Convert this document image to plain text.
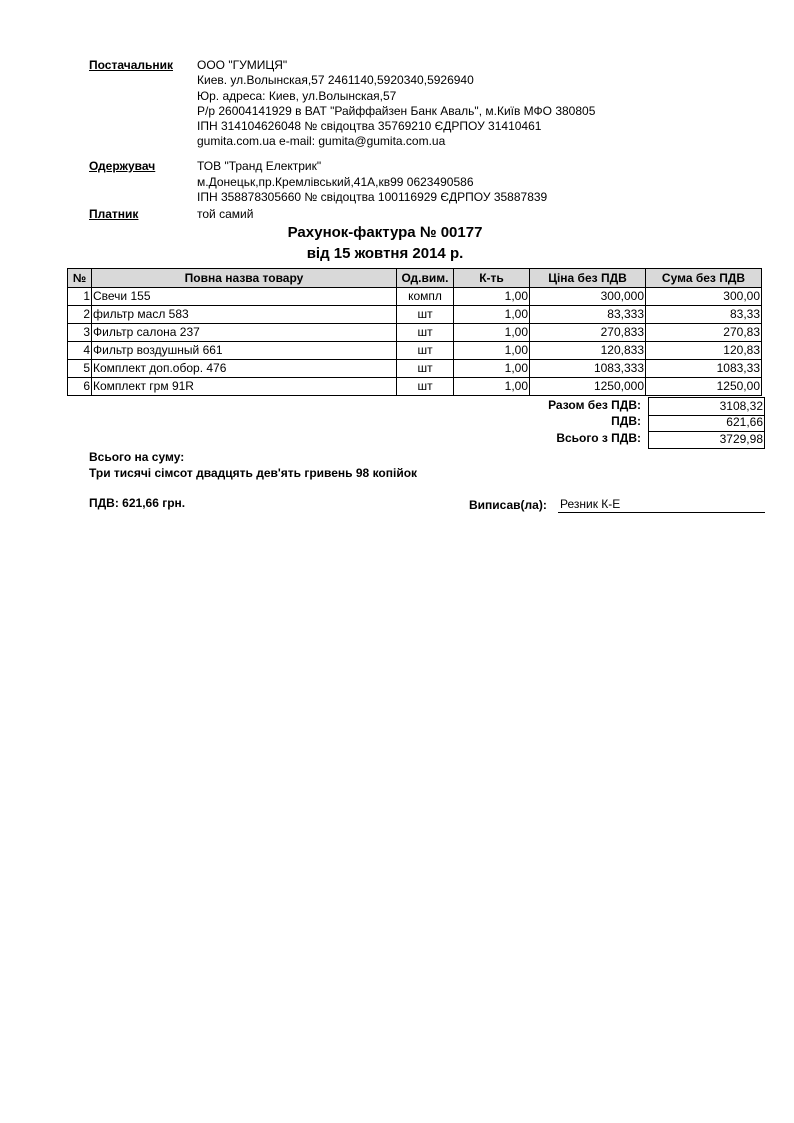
Постачальник ООО "ГУМИЦЯ"
Киев. ул.Волынская,57 2461140,5920340,5926940
Юр. адреса: Киев, ул.Волынская,57
Р/р 26004141929 в ВАТ "Райффайзен Банк Аваль", м.Київ МФО 380805
ІПН 314104626048 № свідоцтва 35769210 ЄДРПОУ 31410461
gumita.com.ua e-mail: gumita@gumita.com.ua
Одержувач	ТОВ "Транд Електрик"
м.Донецьк,пр.Кремлівський,41А,кв99 0623490586
ІПН 358878305660 № свідоцтва 100116929 ЄДРПОУ 35887839
Платник	той самий
Рахунок-фактура № 00177
від 15 жовтня 2014 р.
№	Повна назва товару	Од.вим.	К-ть	Ціна без ПДВ	Сума без ПДВ
1	Свечи 155	компл	1,00	300,000	300,00
2	фильтр масл 583	шт	1,00	83,333	83,33
3	Фильтр салона 237	шт	1,00	270,833	270,83
4	Фильтр воздушный 661	шт	1,00	120,833	120,83
5	Комплект доп.обор. 476	шт	1,00	1083,333	1083,33
6	Комплект грм 91R	шт	1,00	1250,000	1250,00
Разом без ПДВ:	3108,32
ПДВ:	621,66
Всього з ПДВ:	3729,98
Всього на суму:
Три тисячі сімсот двадцять дев'ять гривень 98 копійок
ПДВ: 621,66 грн.	Виписав(ла): Резник К-Е
